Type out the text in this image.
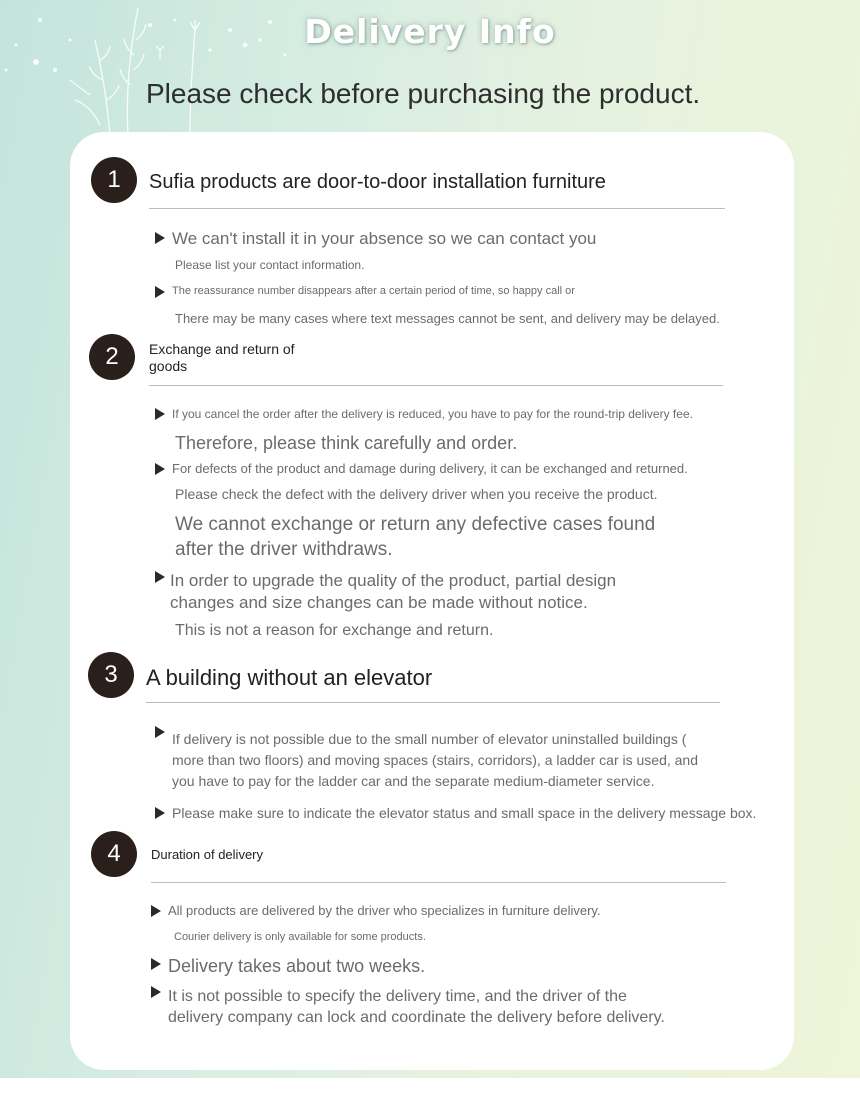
Delivery Info
Please check before purchasing the product.
1	Sufia products are door-to-door installation furniture
We can't install it in your absence so we can contact you
Please list your contact information.
The reassurance number disappears after a certain period of time, so happy call or
There may be many cases where text messages cannot be sent, and delivery may be delayed.
2	Exchange and return of goods
If you cancel the order after the delivery is reduced, you have to pay for the round-trip delivery fee.
Therefore, please think carefully and order.
For defects of the product and damage during delivery, it can be exchanged and returned.
Please check the defect with the delivery driver when you receive the product.
We cannot exchange or return any defective cases found
after the driver withdraws.
In order to upgrade the quality of the product, partial design
changes and size changes can be made without notice.
This is not a reason for exchange and return.
3	A building without an elevator
If delivery is not possible due to the small number of elevator uninstalled buildings (
more than two floors) and moving spaces (stairs, corridors), a ladder car is used, and
you have to pay for the ladder car and the separate medium-diameter service.
Please make sure to indicate the elevator status and small space in the delivery message box.
4	Duration of delivery
All products are delivered by the driver who specializes in furniture delivery.
Courier delivery is only available for some products.
Delivery takes about two weeks.
It is not possible to specify the delivery time, and the driver of the
delivery company can lock and coordinate the delivery before delivery.
